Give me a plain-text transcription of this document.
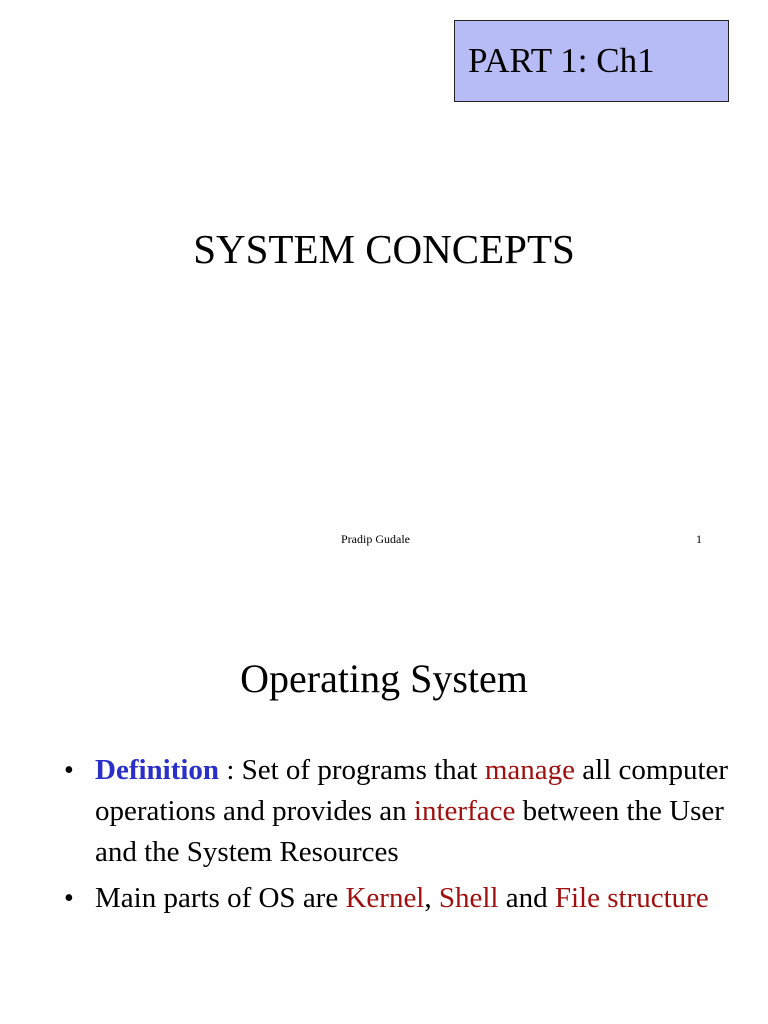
PART 1: Ch1
SYSTEM CONCEPTS
Pradip Gudale	1
Operating System
• Definition : Set of programs that manage all computer operations and provides an interface between the User and the System Resources
• Main parts of OS are Kernel, Shell and File structure
